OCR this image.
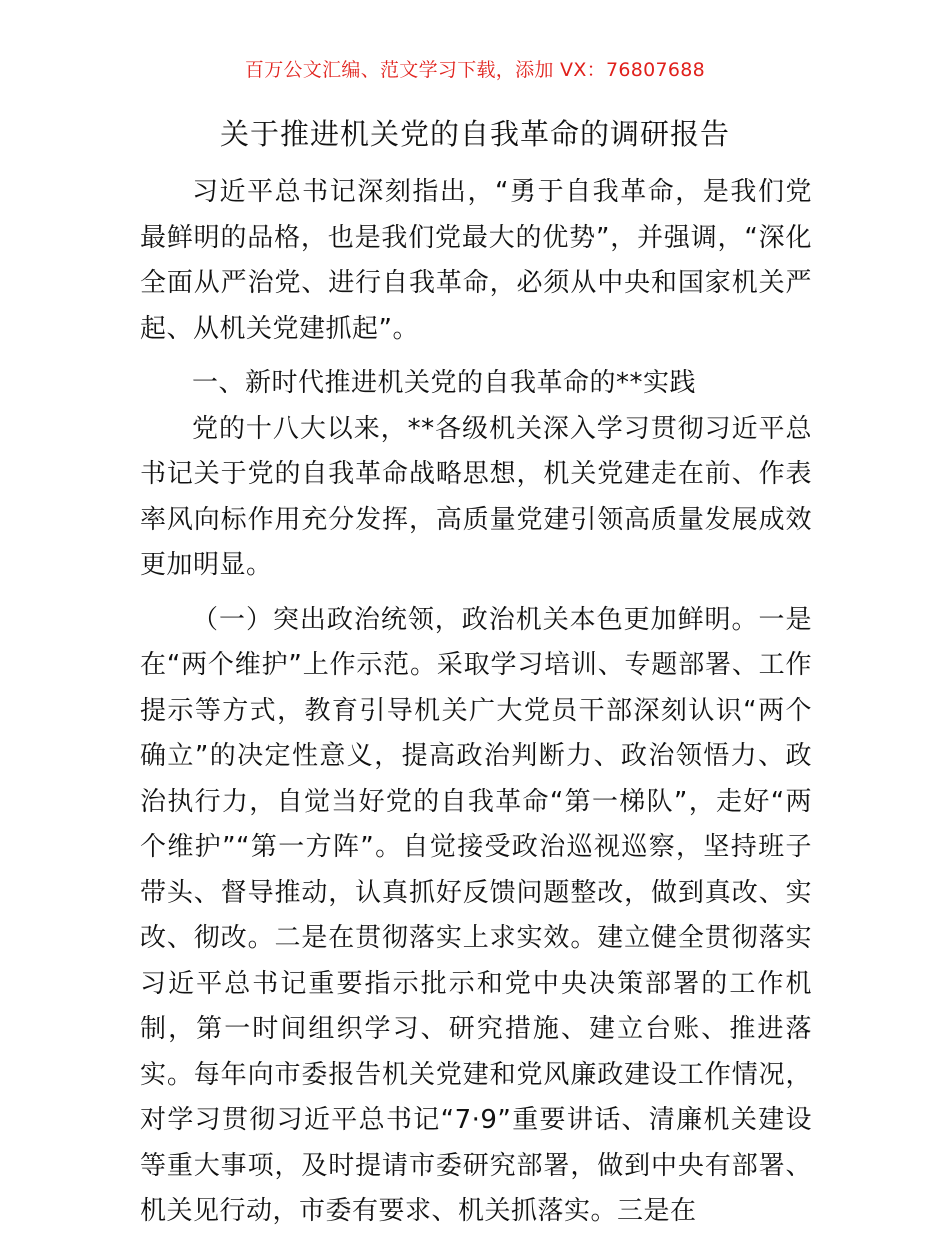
百万公文汇编、范文学习下载，添加 VX：76807688
关于推进机关党的自我革命的调研报告

习近平总书记深刻指出，“勇于自我革命，是我们党最鲜明的品格，也是我们党最大的优势”，并强调，“深化全面从严治党、进行自我革命，必须从中央和国家机关严起、从机关党建抓起”。

一、新时代推进机关党的自我革命的**实践

党的十八大以来，**各级机关深入学习贯彻习近平总书记关于党的自我革命战略思想，机关党建走在前、作表率风向标作用充分发挥，高质量党建引领高质量发展成效更加明显。

（一）突出政治统领，政治机关本色更加鲜明。一是在“两个维护”上作示范。采取学习培训、专题部署、工作提示等方式，教育引导机关广大党员干部深刻认识“两个确立”的决定性意义，提高政治判断力、政治领悟力、政治执行力，自觉当好党的自我革命“第一梯队”，走好“两个维护”“第一方阵”。自觉接受政治巡视巡察，坚持班子带头、督导推动，认真抓好反馈问题整改，做到真改、实改、彻改。二是在贯彻落实上求实效。建立健全贯彻落实习近平总书记重要指示批示和党中央决策部署的工作机制，第一时间组织学习、研究措施、建立台账、推进落实。每年向市委报告机关党建和党风廉政建设工作情况，对学习贯彻习近平总书记“7·9”重要讲话、清廉机关建设等重大事项，及时提请市委研究部署，做到中央有部署、机关见行动，市委有要求、机关抓落实。三是在
